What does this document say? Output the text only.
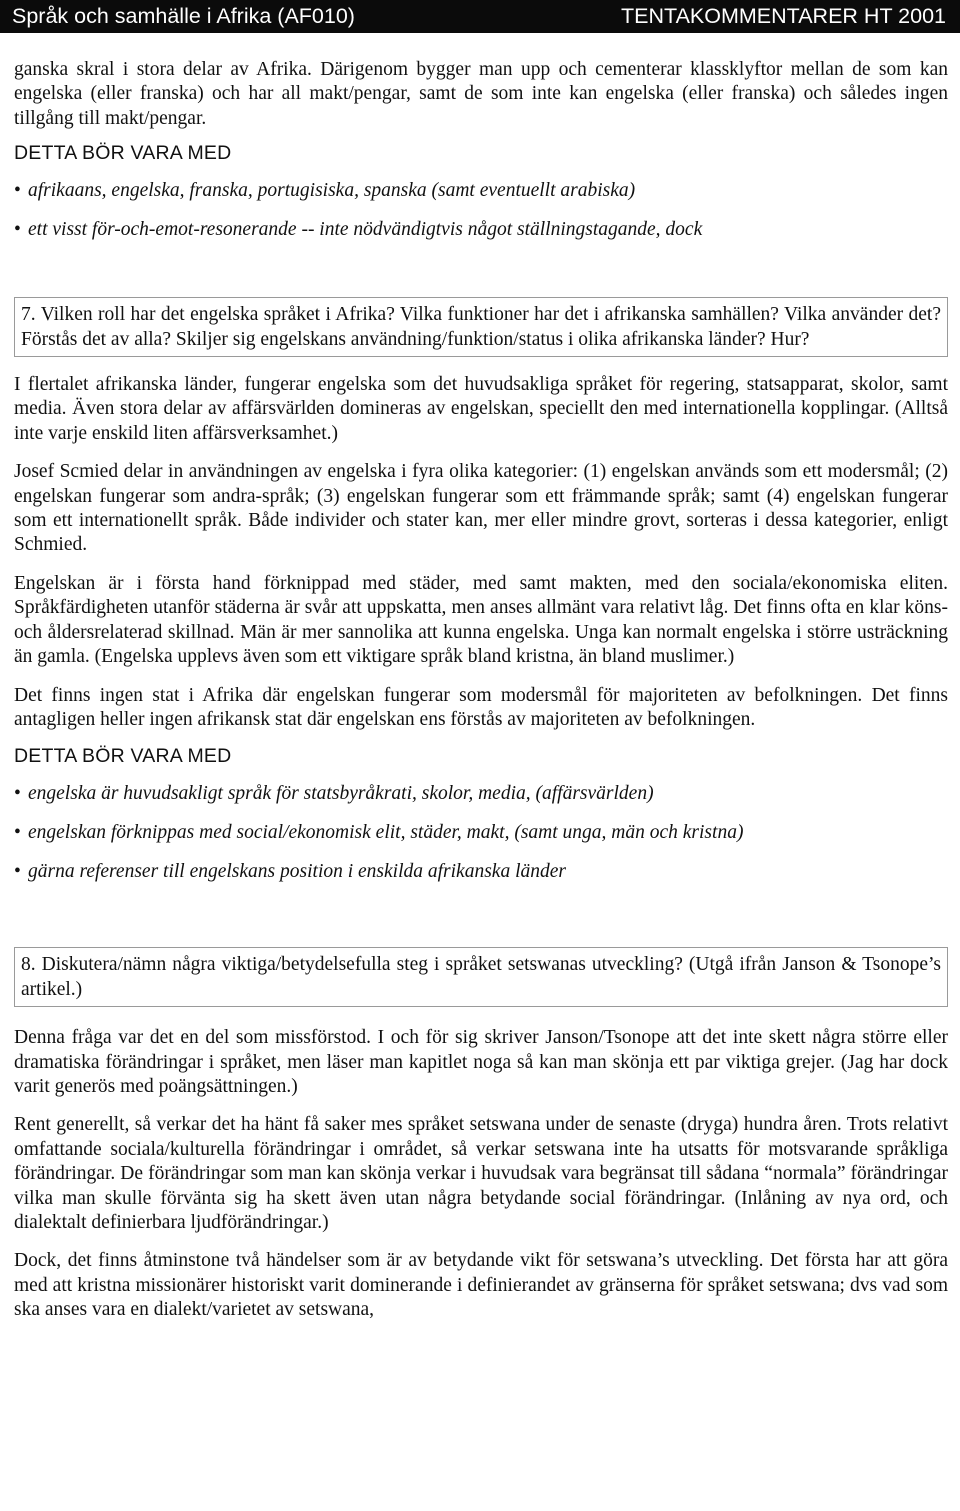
Språk och samhälle i Afrika (AF010)	TENTAKOMMENTARER HT 2001

ganska skral i stora delar av Afrika. Därigenom bygger man upp och cementerar klassklyftor mellan de som kan engelska (eller franska) och har all makt/pengar, samt de som inte kan engelska (eller franska) och således ingen tillgång till makt/pengar.

DETTA BÖR VARA MED
• afrikaans, engelska, franska, portugisiska, spanska (samt eventuellt arabiska)
• ett visst för-och-emot-resonerande -- inte nödvändigtvis något ställningstagande, dock
7. Vilken roll har det engelska språket i Afrika? Vilka funktioner har det i afrikanska samhällen? Vilka använder det? Förstås det av alla? Skiljer sig engelskans användning/funktion/status i olika afrikanska länder? Hur?

I flertalet afrikanska länder, fungerar engelska som det huvudsakliga språket för regering, statsapparat, skolor, samt media. Även stora delar av affärsvärlden domineras av engelskan, speciellt den med internationella kopplingar. (Alltså inte varje enskild liten affärsverksamhet.)

Josef Scmied delar in användningen av engelska i fyra olika kategorier: (1) engelskan används som ett modersmål; (2) engelskan fungerar som andra-språk; (3) engelskan fungerar som ett främmande språk; samt (4) engelskan fungerar som ett internationellt språk. Både individer och stater kan, mer eller mindre grovt, sorteras i dessa kategorier, enligt Schmied.

Engelskan är i första hand förknippad med städer, med samt makten, med den sociala/ekonomiska eliten. Språkfärdigheten utanför städerna är svår att uppskatta, men anses allmänt vara relativt låg. Det finns ofta en klar köns- och åldersrelaterad skillnad. Män är mer sannolika att kunna engelska. Unga kan normalt engelska i större usträckning än gamla. (Engelska upplevs även som ett viktigare språk bland kristna, än bland muslimer.)

Det finns ingen stat i Afrika där engelskan fungerar som modersmål för majoriteten av befolkningen. Det finns antagligen heller ingen afrikansk stat där engelskan ens förstås av majoriteten av befolkningen.

DETTA BÖR VARA MED
• engelska är huvudsakligt språk för statsbyråkrati, skolor, media, (affärsvärlden)
• engelskan förknippas med social/ekonomisk elit, städer, makt, (samt unga, män och kristna)
• gärna referenser till engelskans position i enskilda afrikanska länder
8. Diskutera/nämn några viktiga/betydelsefulla steg i språket setswanas utveckling? (Utgå ifrån Janson & Tsonope’s artikel.)

Denna fråga var det en del som missförstod. I och för sig skriver Janson/Tsonope att det inte skett några större eller dramatiska förändringar i språket, men läser man kapitlet noga så kan man skönja ett par viktiga grejer. (Jag har dock varit generös med poängsättningen.)

Rent generellt, så verkar det ha hänt få saker mes språket setswana under de senaste (dryga) hundra åren. Trots relativt omfattande sociala/kulturella förändringar i området, så verkar setswana inte ha utsatts för motsvarande språkliga förändringar. De förändringar som man kan skönja verkar i huvudsak vara begränsat till sådana “normala” förändringar vilka man skulle förvänta sig ha skett även utan några betydande social förändringar. (Inlåning av nya ord, och dialektalt definierbara ljudförändringar.)

Dock, det finns åtminstone två händelser som är av betydande vikt för setswana’s utveckling. Det första har att göra med att kristna missionärer historiskt varit dominerande i definierandet av gränserna för språket setswana; dvs vad som ska anses vara en dialekt/varietet av setswana,
